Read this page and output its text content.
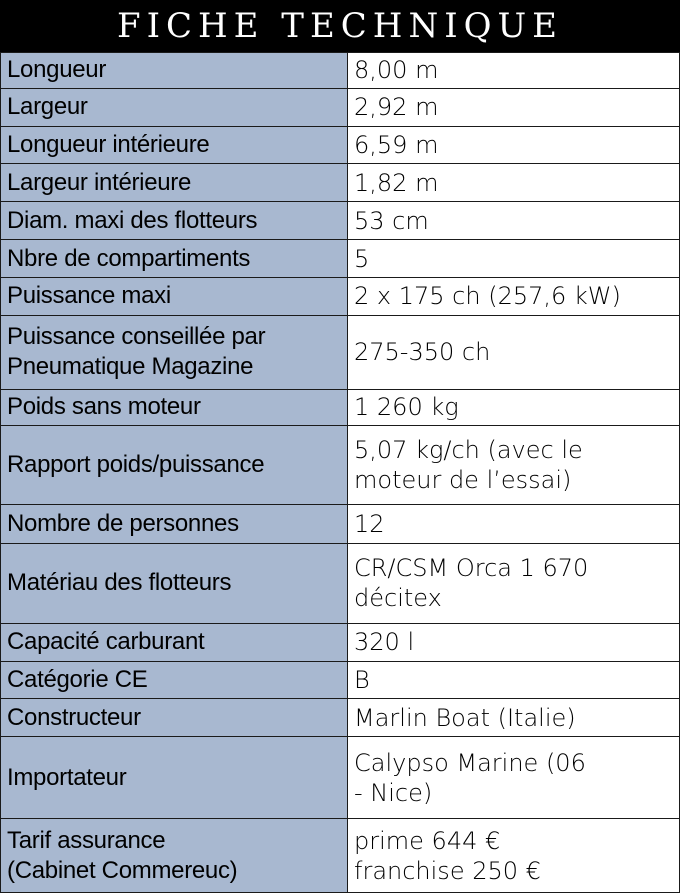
FICHE TECHNIQUE
Longueur	8,00 m

Largeur	2,92 m

Longueur intérieure	6,59 m

Largeur intérieure	1,82 m

Diam. maxi des flotteurs	53 cm

Nbre de compartiments	5

Puissance maxi	2 x 175 ch (257,6 kW)

Puissance conseillée par
Pneumatique Magazine	275-350 ch

Poids sans moteur	1 260 kg

Rapport poids/puissance	5,07 kg/ch (avec le
moteur de l’essai)

Nombre de personnes	12

Matériau des flotteurs	CR/CSM Orca 1 670
décitex

Capacité carburant	320 l

Catégorie CE	B

Constructeur	Marlin Boat (Italie)

Importateur	Calypso Marine (06
- Nice)

Tarif assurance
(Cabinet Commereuc)	prime 644 €
franchise 250 €
